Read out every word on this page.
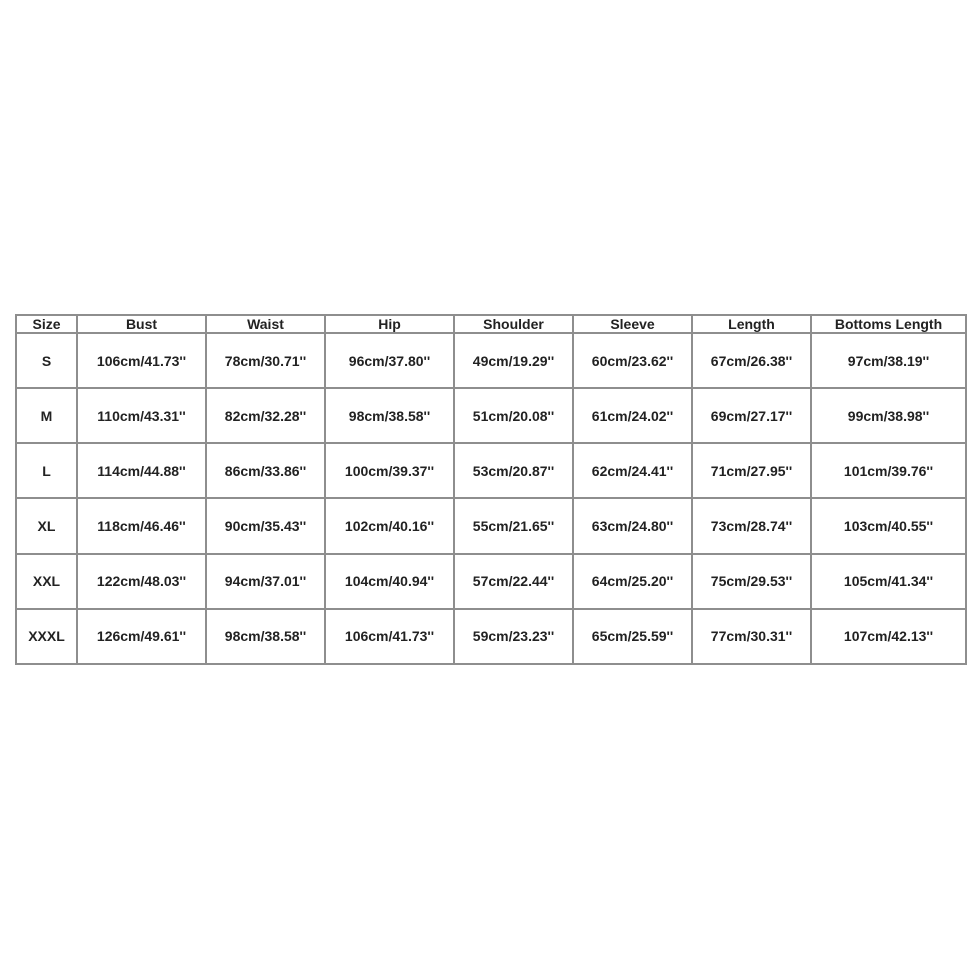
Size	Bust	Waist	Hip	Shoulder	Sleeve	Length	Bottoms Length
S	106cm/41.73''	78cm/30.71''	96cm/37.80''	49cm/19.29''	60cm/23.62''	67cm/26.38''	97cm/38.19''
M	110cm/43.31''	82cm/32.28''	98cm/38.58''	51cm/20.08''	61cm/24.02''	69cm/27.17''	99cm/38.98''
L	114cm/44.88''	86cm/33.86''	100cm/39.37''	53cm/20.87''	62cm/24.41''	71cm/27.95''	101cm/39.76''
XL	118cm/46.46''	90cm/35.43''	102cm/40.16''	55cm/21.65''	63cm/24.80''	73cm/28.74''	103cm/40.55''
XXL	122cm/48.03''	94cm/37.01''	104cm/40.94''	57cm/22.44''	64cm/25.20''	75cm/29.53''	105cm/41.34''
XXXL	126cm/49.61''	98cm/38.58''	106cm/41.73''	59cm/23.23''	65cm/25.59''	77cm/30.31''	107cm/42.13''
